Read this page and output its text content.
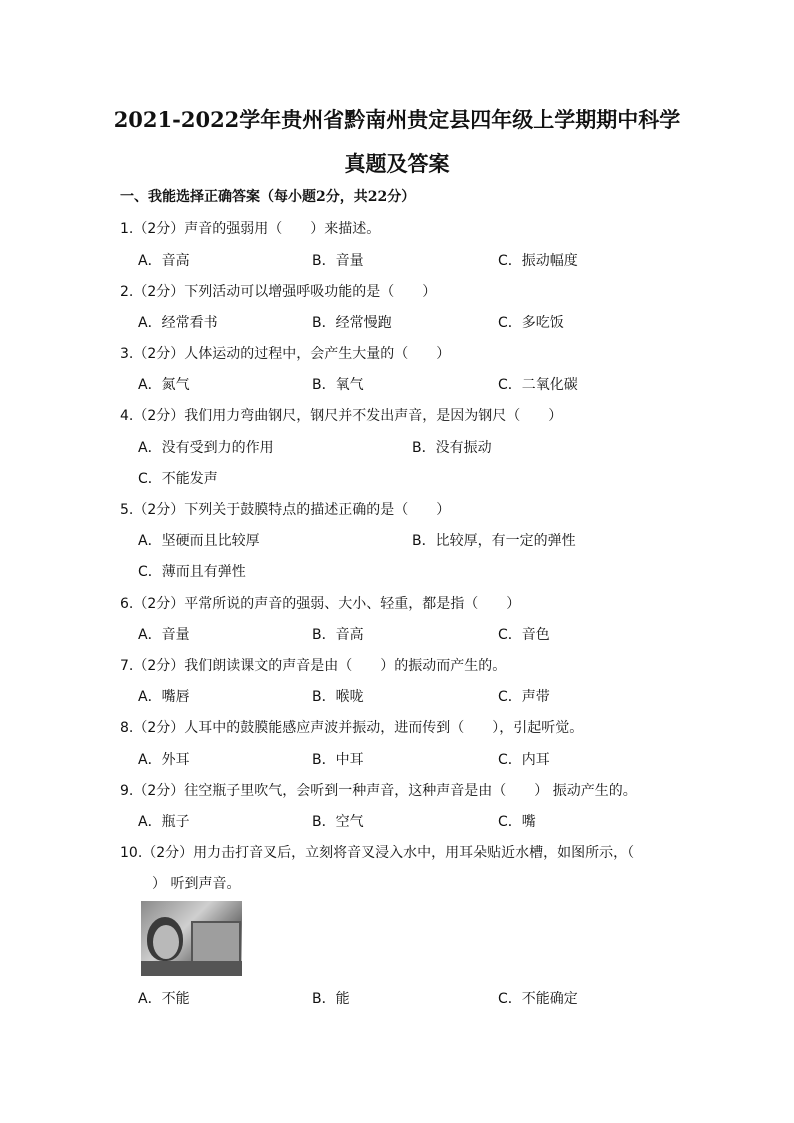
2021-2022学年贵州省黔南州贵定县四年级上学期期中科学
真题及答案
一、我能选择正确答案（每小题2分，共22分）
1.（2分）声音的强弱用（　　）来描述。
A．音高	B．音量	C．振动幅度
2.（2分）下列活动可以增强呼吸功能的是（　　）
A．经常看书	B．经常慢跑	C．多吃饭
3.（2分）人体运动的过程中，会产生大量的（　　）
A．氮气	B．氧气	C．二氧化碳
4.（2分）我们用力弯曲钢尺，钢尺并不发出声音，是因为钢尺（　　）
A．没有受到力的作用	B．没有振动
C．不能发声
5.（2分）下列关于鼓膜特点的描述正确的是（　　）
A．坚硬而且比较厚	B．比较厚，有一定的弹性
C．薄而且有弹性
6.（2分）平常所说的声音的强弱、大小、轻重，都是指（　　）
A．音量	B．音高	C．音色
7.（2分）我们朗读课文的声音是由（　　）的振动而产生的。
A．嘴唇	B．喉咙	C．声带
8.（2分）人耳中的鼓膜能感应声波并振动，进而传到（　　），引起听觉。
A．外耳	B．中耳	C．内耳
9.（2分）往空瓶子里吹气，会听到一种声音，这种声音是由（　　） 振动产生的。
A．瓶子	B．空气	C．嘴
10.（2分）用力击打音叉后，立刻将音叉浸入水中，用耳朵贴近水槽，如图所示，（
　） 听到声音。
A．不能	B．能	C．不能确定
